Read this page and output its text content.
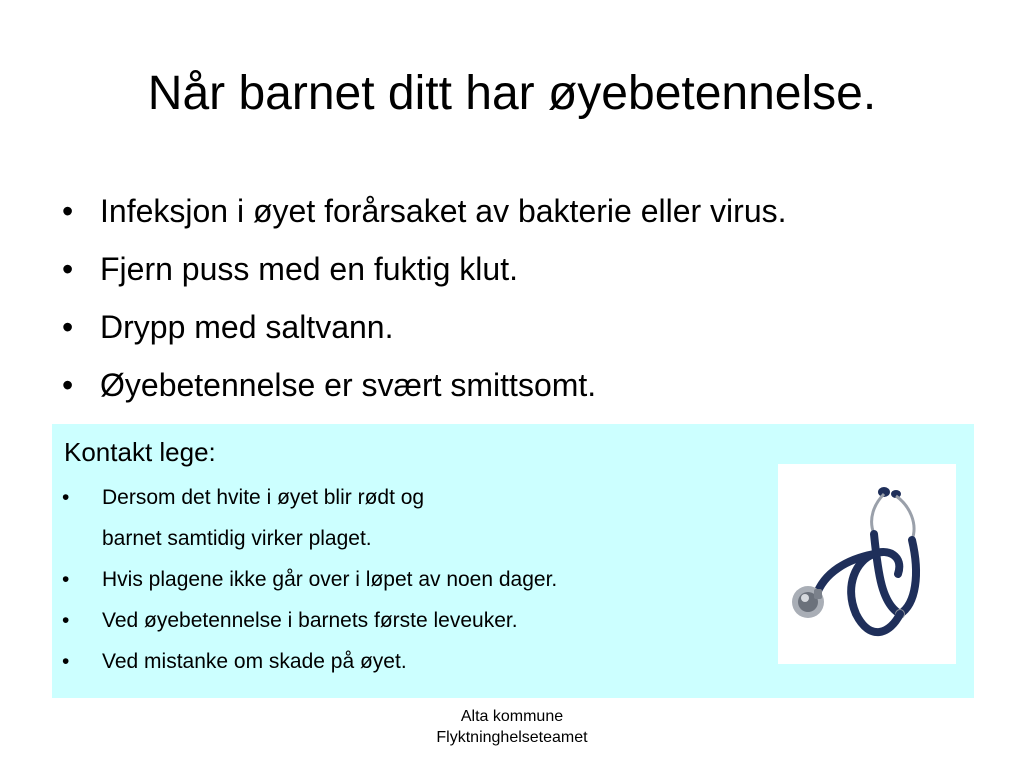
Når barnet ditt har øyebetennelse.
• Infeksjon i øyet forårsaket av bakterie eller virus.
• Fjern puss med en fuktig klut.
• Drypp med saltvann.
• Øyebetennelse er svært smittsomt.
Kontakt lege:
• Dersom det hvite i øyet blir rødt og
barnet samtidig virker plaget.
• Hvis plagene ikke går over i løpet av noen dager.
• Ved øyebetennelse i barnets første leveuker.
• Ved mistanke om skade på øyet.
Alta kommune
Flyktninghelseteamet
